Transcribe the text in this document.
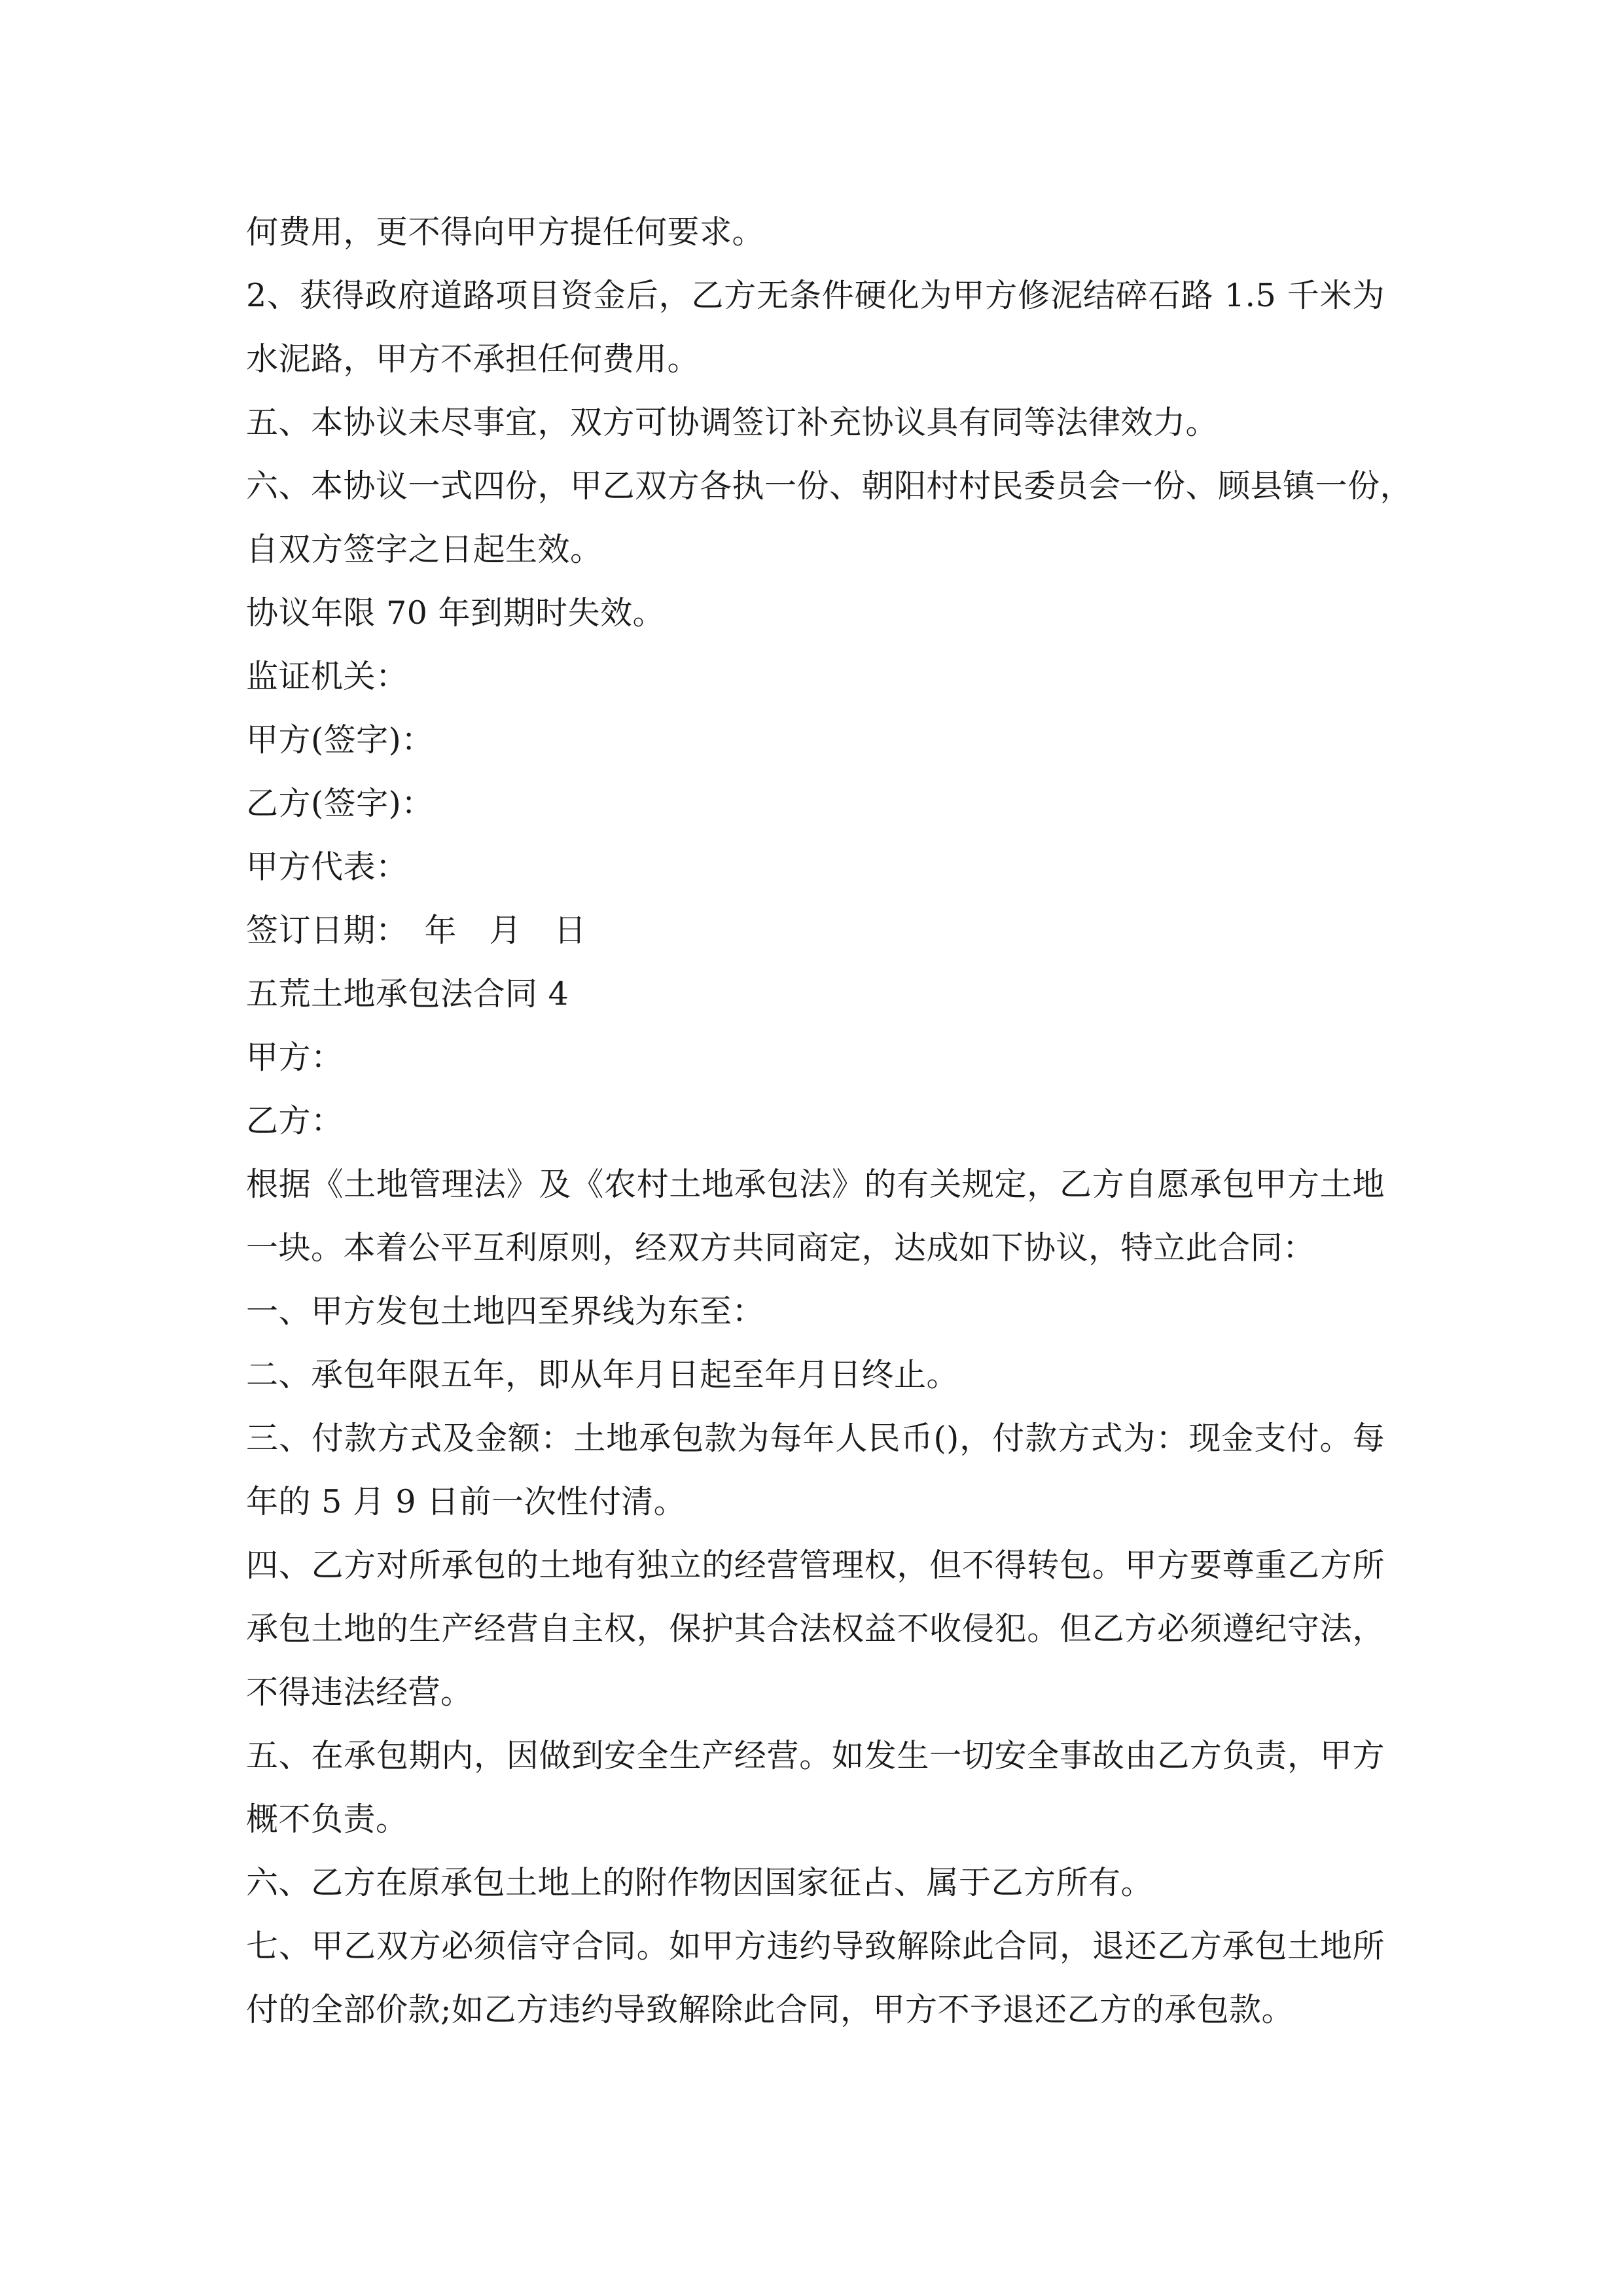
何费用，更不得向甲方提任何要求。
2、获得政府道路项目资金后，乙方无条件硬化为甲方修泥结碎石路 1.5 千米为
水泥路，甲方不承担任何费用。
五、本协议未尽事宜，双方可协调签订补充协议具有同等法律效力。
六、本协议一式四份，甲乙双方各执一份、朝阳村村民委员会一份、顾县镇一份，
自双方签字之日起生效。
协议年限 70 年到期时失效。
监证机关：
甲方(签字)：
乙方(签字)：
甲方代表：
签订日期：　年　月　日
五荒土地承包法合同 4
甲方：
乙方：
根据《土地管理法》及《农村土地承包法》的有关规定，乙方自愿承包甲方土地
一块。本着公平互利原则，经双方共同商定，达成如下协议，特立此合同：
一、甲方发包土地四至界线为东至：
二、承包年限五年，即从年月日起至年月日终止。
三、付款方式及金额：土地承包款为每年人民币()，付款方式为：现金支付。每
年的 5 月 9 日前一次性付清。
四、乙方对所承包的土地有独立的经营管理权，但不得转包。甲方要尊重乙方所
承包土地的生产经营自主权，保护其合法权益不收侵犯。但乙方必须遵纪守法，
不得违法经营。
五、在承包期内，因做到安全生产经营。如发生一切安全事故由乙方负责，甲方
概不负责。
六、乙方在原承包土地上的附作物因国家征占、属于乙方所有。
七、甲乙双方必须信守合同。如甲方违约导致解除此合同，退还乙方承包土地所
付的全部价款;如乙方违约导致解除此合同，甲方不予退还乙方的承包款。
